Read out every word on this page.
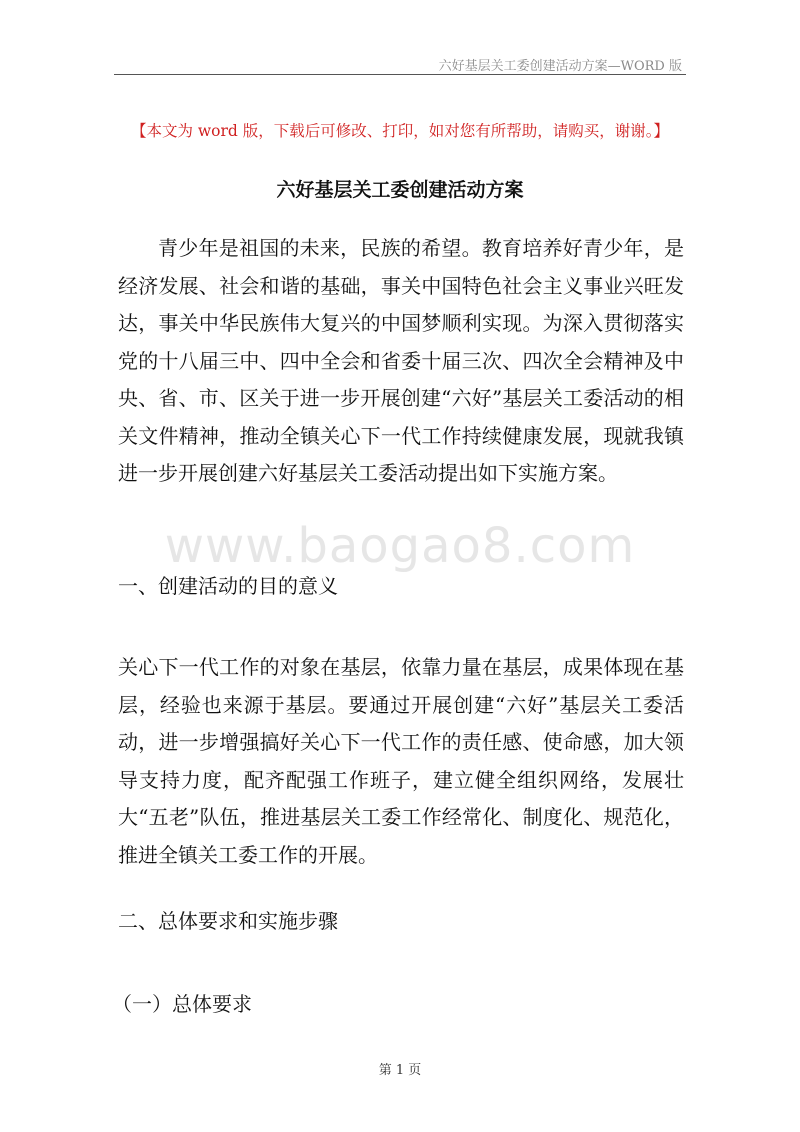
六好基层关工委创建活动方案—WORD 版
【本文为 word 版，下载后可修改、打印，如对您有所帮助，请购买，谢谢。】
六好基层关工委创建活动方案

青少年是祖国的未来，民族的希望。教育培养好青少年，是经济发展、社会和谐的基础，事关中国特色社会主义事业兴旺发达，事关中华民族伟大复兴的中国梦顺利实现。为深入贯彻落实党的十八届三中、四中全会和省委十届三次、四次全会精神及中央、省、市、区关于进一步开展创建“六好”基层关工委活动的相关文件精神，推动全镇关心下一代工作持续健康发展，现就我镇进一步开展创建六好基层关工委活动提出如下实施方案。

www.baogao8.com

一、创建活动的目的意义

关心下一代工作的对象在基层，依靠力量在基层，成果体现在基层，经验也来源于基层。要通过开展创建“六好”基层关工委活动，进一步增强搞好关心下一代工作的责任感、使命感，加大领导支持力度，配齐配强工作班子，建立健全组织网络，发展壮大“五老”队伍，推进基层关工委工作经常化、制度化、规范化，推进全镇关工委工作的开展。

二、总体要求和实施步骤

（一）总体要求

第 1 页
